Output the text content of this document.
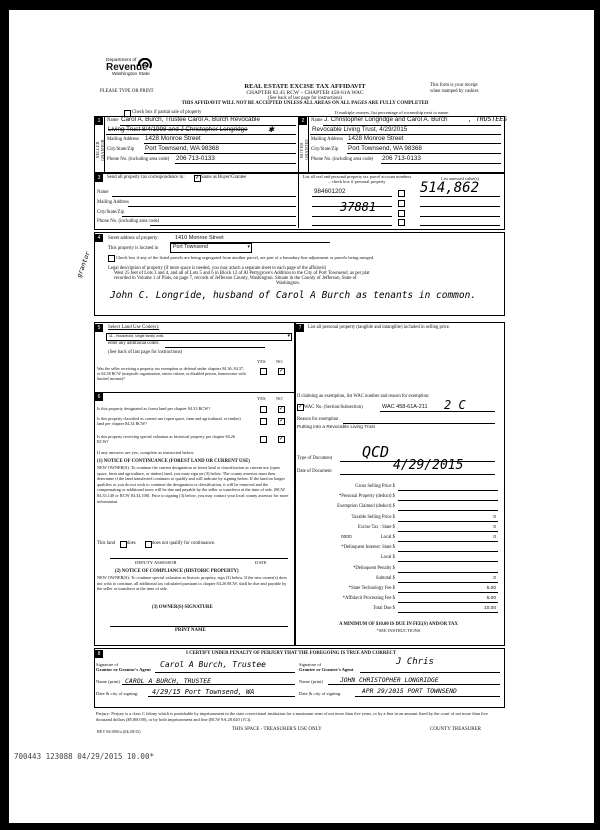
Department of
Revenue
Washington State
PLEASE TYPE OR PRINT
REAL ESTATE EXCISE TAX AFFIDAVIT
CHAPTER 82.45 RCW – CHAPTER 458-61A WAC
(See back of last page for instructions)
THIS AFFIDAVIT WILL NOT BE ACCEPTED UNLESS ALL AREAS ON ALL PAGES ARE FULLY COMPLETED
This form is your receipt
when stamped by cashier.
Check box if partial sale of property	If multiple owners, list percentage of ownership next to name.
1	2
SELLER GRANTOR	BUYER GRANTEE
Name Carol A. Burch, Trustee Carol A. Burch Revocable
Living Trust 8/4/1998 and J Christopher Longridge ✱
Mailing Address 1428 Monroe Street
City/State/Zip Port Townsend, WA 98368
Phone No. (including area code) 206 713-0133
Name J. Christopher Longridge and Carol A. Burch	, TRUSTEES
Revocable Living Trust, 4/29/2015
Mailing Address 1428 Monroe Street
City/State/Zip Port Townsend, WA 98368
Phone No. (including area code) 206 713-0133
3	Send all property tax correspondence to: ✓	Same as Buyer/Grantee
Name
Mailing Address
City/State/Zip
Phone No. (including area code)
List all real and personal property tax parcel account numbers – check box if personal property
List assessed value(s)
984601202
37881
514,862
4	Street address of property:	1410 Monroe Street
This property is located in	Port Townsend	▾
Check box if any of the listed parcels are being segregated from another parcel, are part of a boundary line adjustment or parcels being merged.
Legal description of property (if more space is needed, you may attach a separate sheet to each page of the affidavit)
West 25 feet of Lots 3 and 4, and all of Lots 5 and 6 in Block 12 of Al Pettygrove's Addition to the City of Port Townsend, as per plat
recorded in Volume 1 of Plats, on page 7, records of Jefferson County, Washington. Situate in the County of Jefferson, State of
Washington.
grantor
John C. Longride, husband of Carol A Burch as tenants in common.
5	Select Land Use Code(s):
11 - Household, single family units	▾
enter any additional codes:
(See back of last page for instructions)
YES NO
Was the seller receiving a property tax exemption or deferral under chapters 84.36, 84.37, or 84.38 RCW (nonprofit organization, senior citizen, or disabled person, homeowner with limited income)?
✓
6	YES NO
Is this property designated as forest land per chapter 84.33 RCW?
✓
Is this property classified as current use (open space, farm and agricultural, or timber) land per chapter 84.34 RCW?
✓
Is this property receiving special valuation as historical property per chapter 84.26 RCW?
✓
If any answers are yes, complete as instructed below.
(1) NOTICE OF CONTINUANCE (FOREST LAND OR CURRENT USE)
NEW OWNER(S): To continue the current designation as forest land or classification as current use (open space, farm and agriculture, or timber) land, you must sign on (3) below. The county assessor must then determine if the land transferred continues to qualify and will indicate by signing below. If the land no longer qualifies or you do not wish to continue the designation or classification, it will be removed and the compensating or additional taxes will be due and payable by the seller or transferor at the time of sale. (RCW 84.33.140 or RCW 84.34.108). Prior to signing (3) below, you may contact your local county assessor for more information.
This land	does	does not qualify for continuance.
DEPUTY ASSESSOR	DATE
(2) NOTICE OF COMPLIANCE (HISTORIC PROPERTY)
NEW OWNER(S): To continue special valuation as historic property, sign (3) below. If the new owner(s) does not wish to continue, all additional tax calculated pursuant to chapter 84.26 RCW, shall be due and payable by the seller or transferor at the time of sale.
(3) OWNER(S) SIGNATURE
PRINT NAME
7	List all personal property (tangible and intangible) included in selling price.
If claiming an exemption, list WAC number and reason for exemption:
✓
WAC No. (Section/Subsection)	WAC 458-61A-211 2 C
Reason for exemption
Putting into a Revocable Living Trust
Type of Document QCD
Date of Document	4/29/2015
Gross Selling Price $
*Personal Property (deduct) $
Exemption Claimed (deduct) $
Taxable Selling Price $	0
Excise Tax : State $	0
Local $	0
*Delinquent Interest: State $
Local $
*Delinquent Penalty $
Subtotal $	0
*State Technology Fee $	5.00
*Affidavit Processing Fee $	5.00
Total Due $	10.00
0000
A MINIMUM OF $10.00 IS DUE IN FEE(S) AND/OR TAX
*SEE INSTRUCTIONS
8	I CERTIFY UNDER PENALTY OF PERJURY THAT THE FOREGOING IS TRUE AND CORRECT
Signature of
Grantor or Grantor's Agent
Carol A Burch, Trustee
Name (print) CAROL A BURCH, TRUSTEE
Date & city of signing: 4/29/15 Port Townsend, WA
Signature of
Grantee or Grantee's Agent
J Chris
Name (print)	JOHN CHRISTOPHER LONGRIDGE
Date & city of signing:	APR 29/2015 PORT TOWNSEND
Perjury: Perjury is a class C felony which is punishable by imprisonment in the state correctional institution for a maximum term of not more than five years, or by a fine in an amount fixed by the court of not more than five thousand dollars ($5,000.00), or by both imprisonment and fine (RCW 9A.20.020 (1C)).
REV 84 0001a (04/28/15)	THIS SPACE - TREASURER'S USE ONLY	COUNTY TREASURER
700443 123088 04/29/2015 10.00*
